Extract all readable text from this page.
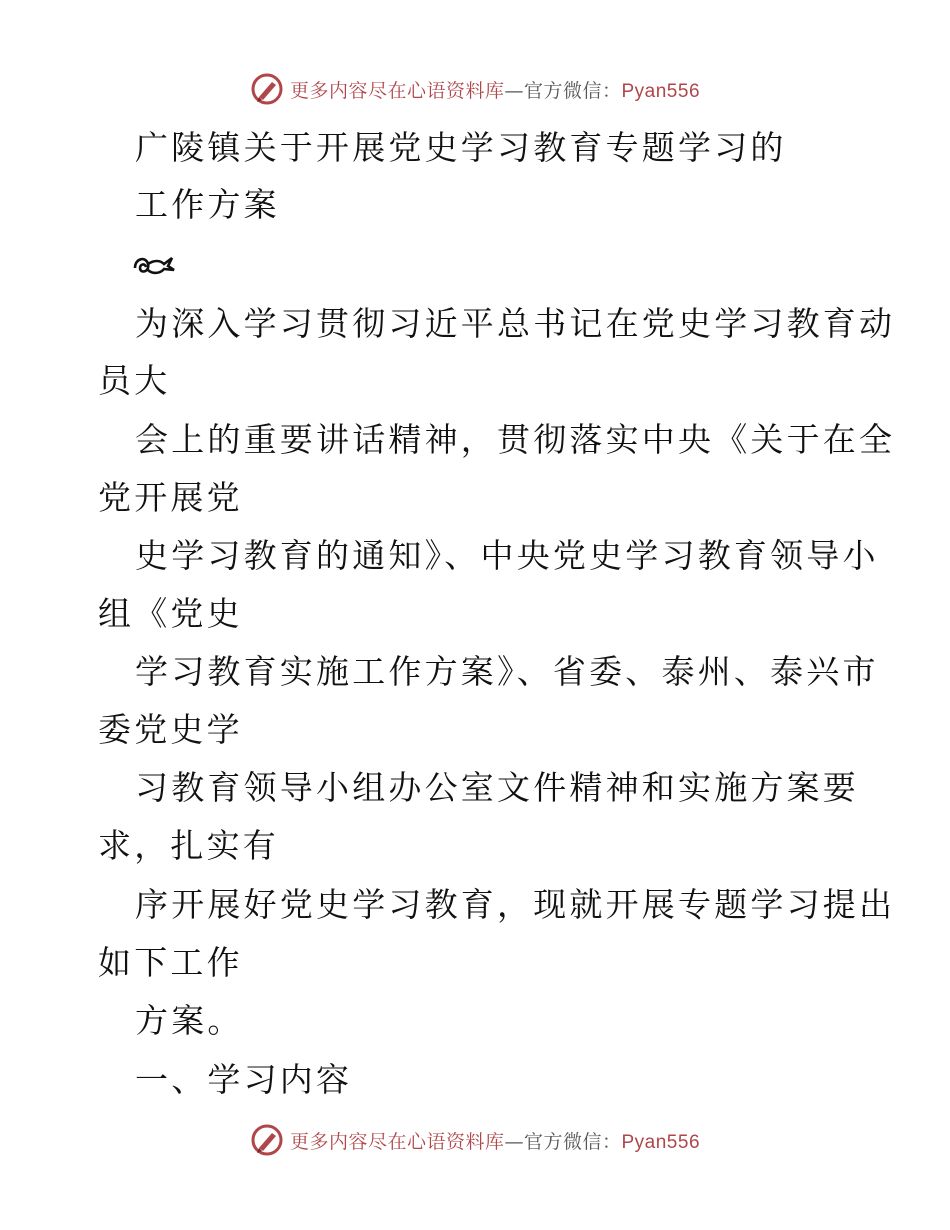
更多内容尽在心语资料库—官方微信：Pyan556
广陵镇关于开展党史学习教育专题学习的
工作方案
为深入学习贯彻习近平总书记在党史学习教育动
员大
会上的重要讲话精神，贯彻落实中央《关于在全
党开展党
史学习教育的通知》、中央党史学习教育领导小
组《党史
学习教育实施工作方案》、省委、泰州、泰兴市
委党史学
习教育领导小组办公室文件精神和实施方案要
求，扎实有
序开展好党史学习教育，现就开展专题学习提出
如下工作
方案。
一、学习内容
更多内容尽在心语资料库—官方微信：Pyan556
